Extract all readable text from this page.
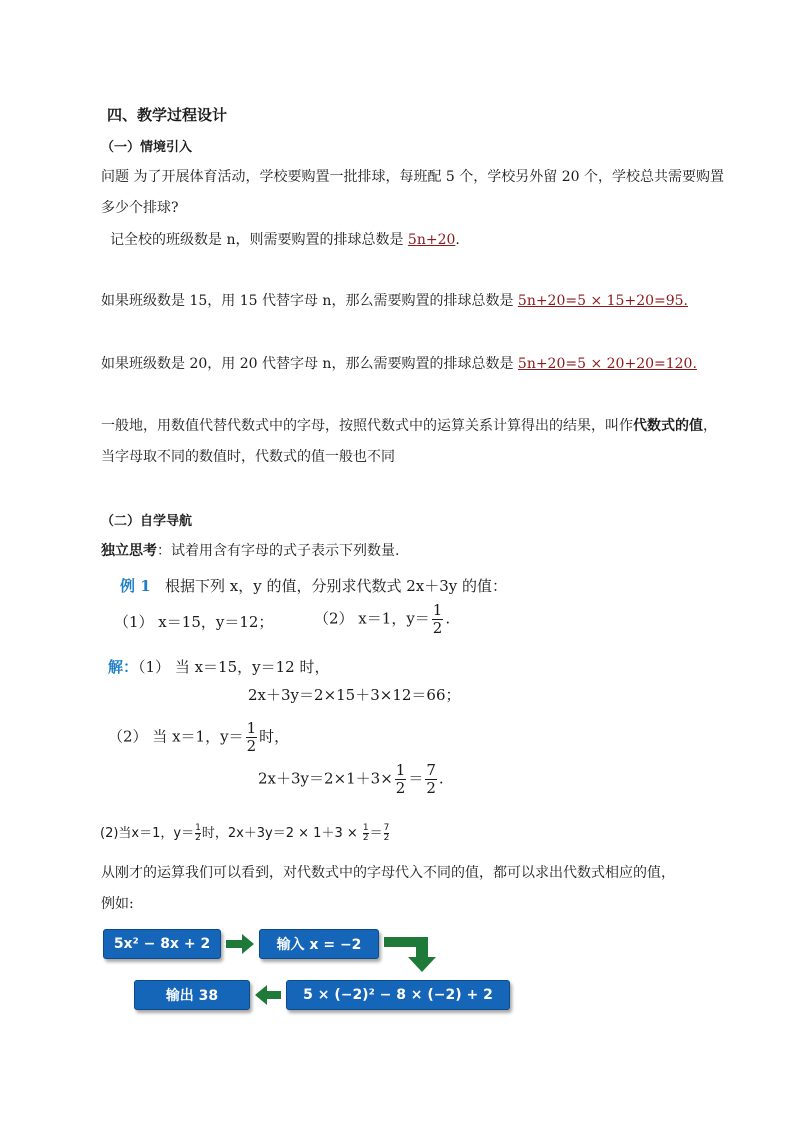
四、教学过程设计
（一）情境引入
问题 为了开展体育活动，学校要购置一批排球，每班配 5 个，学校另外留 20 个，学校总共需要购置
多少个排球?
记全校的班级数是 n，则需要购置的排球总数是 5n+20.
如果班级数是 15，用 15 代替字母 n，那么需要购置的排球总数是 5n+20=5 × 15+20=95.
如果班级数是 20，用 20 代替字母 n，那么需要购置的排球总数是 5n+20=5 × 20+20=120.
一般地，用数值代替代数式中的字母，按照代数式中的运算关系计算得出的结果，叫作代数式的值，
当字母取不同的数值时，代数式的值一般也不同
（二）自学导航
独立思考：试着用含有字母的式子表示下列数量.
例 1 根据下列 x，y 的值，分别求代数式 2x＋3y 的值：
（1） x＝15，y＝12；	（2） x＝1，$y= \frac{1}{2}$ .
解：（1） 当 x＝15，y＝12 时，
2x＋3y＝2×15＋3×12＝66；
（2） 当 x＝1，$y= \frac{1}{2}$ 时，
$2x+3y=2\times 1+3\times \frac{1}{2} = \frac{7}{2}$ .
(2)当x＝1，$y= \frac{1}{2}$ 时，$2x+3y=2 \times 1+3 \times \frac{1}{2} = \frac{7}{2}$
从刚才的运算我们可以看到，对代数式中的字母代入不同的值，都可以求出代数式相应的值，
例如:
5x² − 8x + 2	输入 x = −2
5 × (−2)² − 8 × (−2) + 2
输出 38
